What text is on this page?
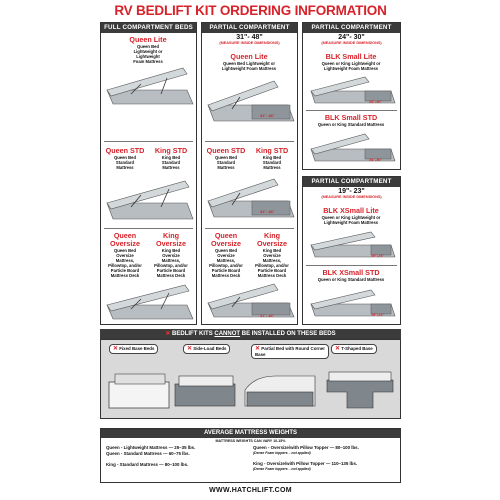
RV BEDLIFT KIT ORDERING INFORMATION
FULL COMPARTMENT BEDS
Queen Lite
Queen Bed
Lightweight or
Lightweight
Foam Mattress
Queen STD
Queen Bed
Standard
Mattress
King STD
King Bed
Standard
Mattress
Queen
Oversize
Queen Bed
Oversize
Mattress,
Pillowtop, and/or
Particle Board
Mattress Deck
King
Oversize
King Bed
Oversize
Mattress,
Pillowtop, and/or
Particle Board
Mattress Deck
PARTIAL COMPARTMENT
31"- 48"
(MEASURE INSIDE DIMENSIONS)
Queen Lite
Queen Bed Lightweight or
Lightweight Foam Mattress
31"- 48"
Queen STD
Queen Bed
Standard
Mattress
King STD
King Bed
Standard
Mattress
31"- 48"
Queen
Oversize
Queen Bed
Oversize
Mattress,
Pillowtop, and/or
Particle Board
Mattress Deck
King
Oversize
King Bed
Oversize
Mattress,
Pillowtop, and/or
Particle Board
Mattress Deck
31"- 48"
PARTIAL COMPARTMENT
24"- 30"
(MEASURE INSIDE DIMENSIONS)
BLK Small Lite
Queen or King Lightweight or
Lightweight Foam Mattress
24"-30"
BLK Small STD
Queen or King Standard Mattress
24"-30"
PARTIAL COMPARTMENT
19"- 23"
(MEASURE INSIDE DIMENSIONS)
BLK XSmall Lite
Queen or King Lightweight or
Lightweight Foam Mattress
19"-23"
BLK XSmall STD
Queen or King Standard Mattress
19"-23"
✕ BEDLIFT KITS CANNOT BE INSTALLED ON THESE BEDS
✕ Fixed Base Beds	✕ Side-Load Beds	✕ Partial Bed with Round Corner Base
✕ T-Shaped Base
AVERAGE MATTRESS WEIGHTS
MATTRESS WEIGHTS CAN VARY 10-15%
Queen - Lightweight Mattress — 25–35 lbs.
Queen - Standard Mattress — 60–75 lbs.
King - Standard Mattress — 80–100 lbs.
Queen - Oversize/with Pillow Topper — 80–100 lbs.
(Dense Foam toppers – not applied)
King - Oversize/with Pillow Topper — 110–135 lbs.
(Dense Foam toppers – not applied)
WWW.HATCHLIFT.COM
